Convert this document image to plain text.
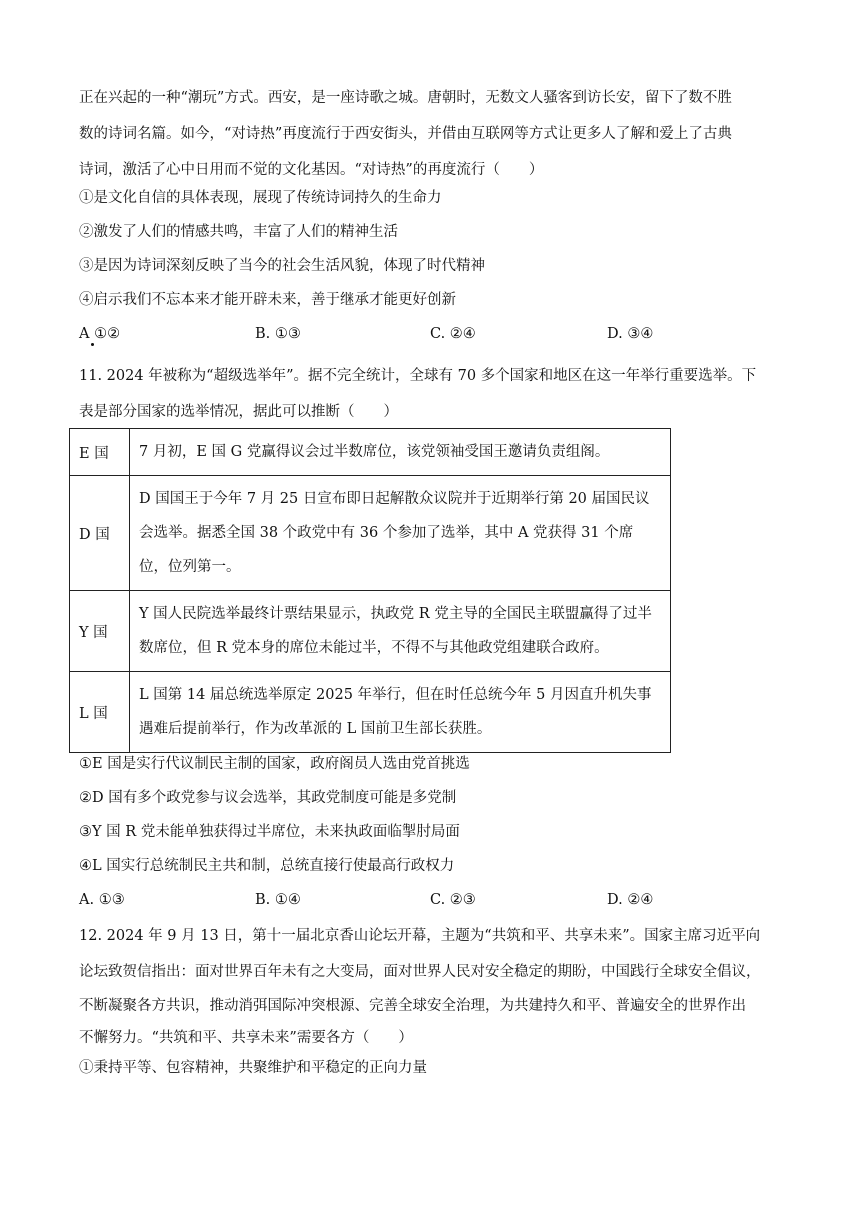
正在兴起的一种“潮玩”方式。西安，是一座诗歌之城。唐朝时，无数文人骚客到访长安，留下了数不胜
数的诗词名篇。如今，“对诗热”再度流行于西安街头，并借由互联网等方式让更多人了解和爱上了古典
诗词，激活了心中日用而不觉的文化基因。“对诗热”的再度流行（　　）
①是文化自信的具体表现，展现了传统诗词持久的生命力
②激发了人们的情感共鸣，丰富了人们的精神生活
③是因为诗词深刻反映了当今的社会生活风貌，体现了时代精神
④启示我们不忘本来才能开辟未来，善于继承才能更好创新
A ①②	B. ①③	C. ②④	D. ③④
11. 2024 年被称为“超级选举年”。据不完全统计，全球有 70 多个国家和地区在这一年举行重要选举。下
表是部分国家的选举情况，据此可以推断（　　）
E 国	7 月初，E 国 G 党赢得议会过半数席位，该党领袖受国王邀请负责组阁。

D 国	D 国国王于今年 7 月 25 日宣布即日起解散众议院并于近期举行第 20 届国民议会选举。据悉全国 38 个政党中有 36 个参加了选举，其中 A 党获得 31 个席位，位列第一。

Y 国	Y 国人民院选举最终计票结果显示，执政党 R 党主导的全国民主联盟赢得了过半数席位，但 R 党本身的席位未能过半，不得不与其他政党组建联合政府。

L 国	L 国第 14 届总统选举原定 2025 年举行，但在时任总统今年 5 月因直升机失事遇难后提前举行，作为改革派的 L 国前卫生部长获胜。
①E 国是实行代议制民主制的国家，政府阁员人选由党首挑选
②D 国有多个政党参与议会选举，其政党制度可能是多党制
③Y 国 R 党未能单独获得过半席位，未来执政面临掣肘局面
④L 国实行总统制民主共和制，总统直接行使最高行政权力
A. ①③	B. ①④	C. ②③	D. ②④
12. 2024 年 9 月 13 日，第十一届北京香山论坛开幕，主题为“共筑和平、共享未来”。国家主席习近平向
论坛致贺信指出：面对世界百年未有之大变局，面对世界人民对安全稳定的期盼，中国践行全球安全倡议，
不断凝聚各方共识，推动消弭国际冲突根源、完善全球安全治理，为共建持久和平、普遍安全的世界作出
不懈努力。“共筑和平、共享未来”需要各方（　　）
①秉持平等、包容精神，共聚维护和平稳定的正向力量
